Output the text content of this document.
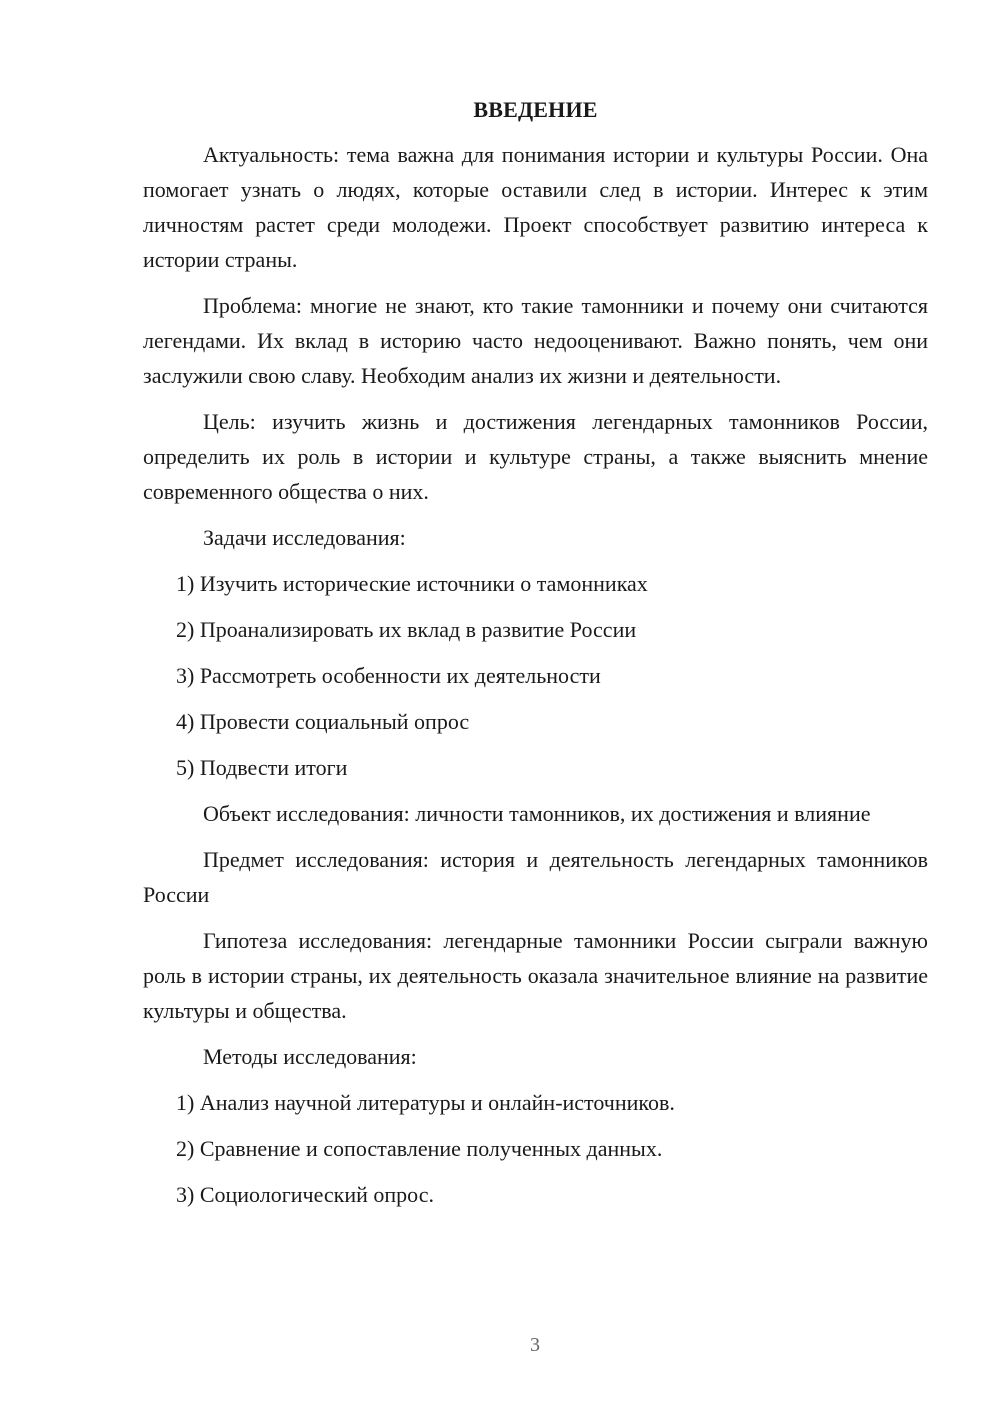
ВВЕДЕНИЕ

Актуальность: тема важна для понимания истории и культуры России. Она помогает узнать о людях, которые оставили след в истории. Интерес к этим личностям растет среди молодежи. Проект способствует развитию интереса к истории страны.

Проблема: многие не знают, кто такие тамонники и почему они считаются легендами. Их вклад в историю часто недооценивают. Важно понять, чем они заслужили свою славу. Необходим анализ их жизни и деятельности.

Цель: изучить жизнь и достижения легендарных тамонников России, определить их роль в истории и культуре страны, а также выяснить мнение современного общества о них.

Задачи исследования:

1) Изучить исторические источники о тамонниках
2) Проанализировать их вклад в развитие России
3) Рассмотреть особенности их деятельности
4) Провести социальный опрос
5) Подвести итоги

Объект исследования: личности тамонников, их достижения и влияние

Предмет исследования: история и деятельность легендарных тамонников России

Гипотеза исследования: легендарные тамонники России сыграли важную роль в истории страны, их деятельность оказала значительное влияние на развитие культуры и общества.

Методы исследования:

1) Анализ научной литературы и онлайн-источников.
2) Сравнение и сопоставление полученных данных.
3) Социологический опрос.
3
